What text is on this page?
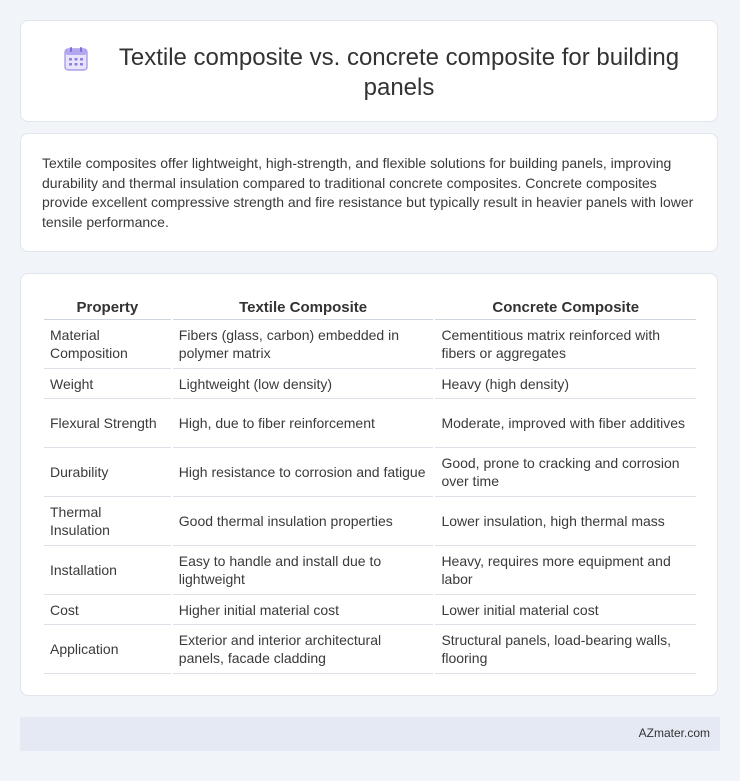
Textile composite vs. concrete composite for building panels
Textile composites offer lightweight, high-strength, and flexible solutions for building panels, improving durability and thermal insulation compared to traditional concrete composites. Concrete composites provide excellent compressive strength and fire resistance but typically result in heavier panels with lower tensile performance.
Property	Textile Composite	Concrete Composite
Material Composition	Fibers (glass, carbon) embedded in polymer matrix	Cementitious matrix reinforced with fibers or aggregates
Weight	Lightweight (low density)	Heavy (high density)
Flexural Strength	High, due to fiber reinforcement	Moderate, improved with fiber additives
Durability	High resistance to corrosion and fatigue	Good, prone to cracking and corrosion over time
Thermal Insulation	Good thermal insulation properties	Lower insulation, high thermal mass
Installation	Easy to handle and install due to lightweight	Heavy, requires more equipment and labor
Cost	Higher initial material cost	Lower initial material cost
Application	Exterior and interior architectural panels, facade cladding	Structural panels, load-bearing walls, flooring
AZmater.com
